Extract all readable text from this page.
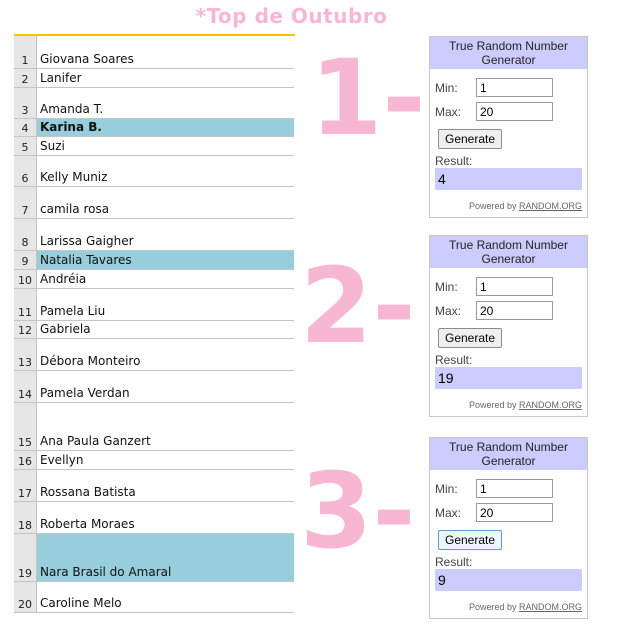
*Top de Outubro
1 Giovana Soares
2 Lanifer
3 Amanda T.
4 Karina B.
5 Suzi
6 Kelly Muniz
7 camila rosa
8 Larissa Gaigher
9 Natalia Tavares
10 Andréia
11 Pamela Liu
12 Gabriela
13 Débora Monteiro
14 Pamela Verdan
15 Ana Paula Ganzert
16 Evellyn
17 Rossana Batista
18 Roberta Moraes
19 Nara Brasil do Amaral
20 Caroline Melo
1-
2-
3-
True Random Number Generator
Min:
1
Max:
20
Generate
Result:
4
Powered by RANDOM.ORG
True Random Number Generator
Min:
1
Max:
20
Generate
Result:
19
Powered by RANDOM.ORG
True Random Number Generator
Min:
1
Max:
20
Generate
Result:
9
Powered by RANDOM.ORG
